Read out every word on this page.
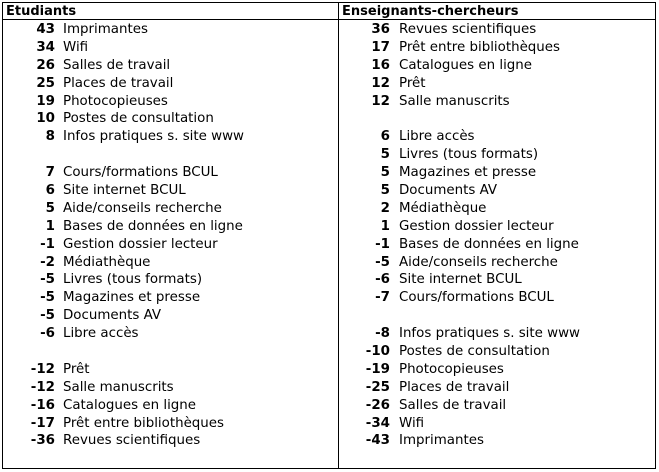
Etudiants
43 Imprimantes
34 Wifi
26 Salles de travail
25 Places de travail
19 Photocopieuses
10 Postes de consultation
8 Infos pratiques s. site www
7 Cours/formations BCUL
6 Site internet BCUL
5 Aide/conseils recherche
1 Bases de données en ligne
-1 Gestion dossier lecteur
-2 Médiathèque
-5 Livres (tous formats)
-5 Magazines et presse
-5 Documents AV
-6 Libre accès
-12 Prêt
-12 Salle manuscrits
-16 Catalogues en ligne
-17 Prêt entre bibliothèques
-36 Revues scientifiques
Enseignants-chercheurs
36 Revues scientifiques
17 Prêt entre bibliothèques
16 Catalogues en ligne
12 Prêt
12 Salle manuscrits
6 Libre accès
5 Livres (tous formats)
5 Magazines et presse
5 Documents AV
2 Médiathèque
1 Gestion dossier lecteur
-1 Bases de données en ligne
-5 Aide/conseils recherche
-6 Site internet BCUL
-7 Cours/formations BCUL
-8 Infos pratiques s. site www
-10 Postes de consultation
-19 Photocopieuses
-25 Places de travail
-26 Salles de travail
-34 Wifi
-43 Imprimantes
